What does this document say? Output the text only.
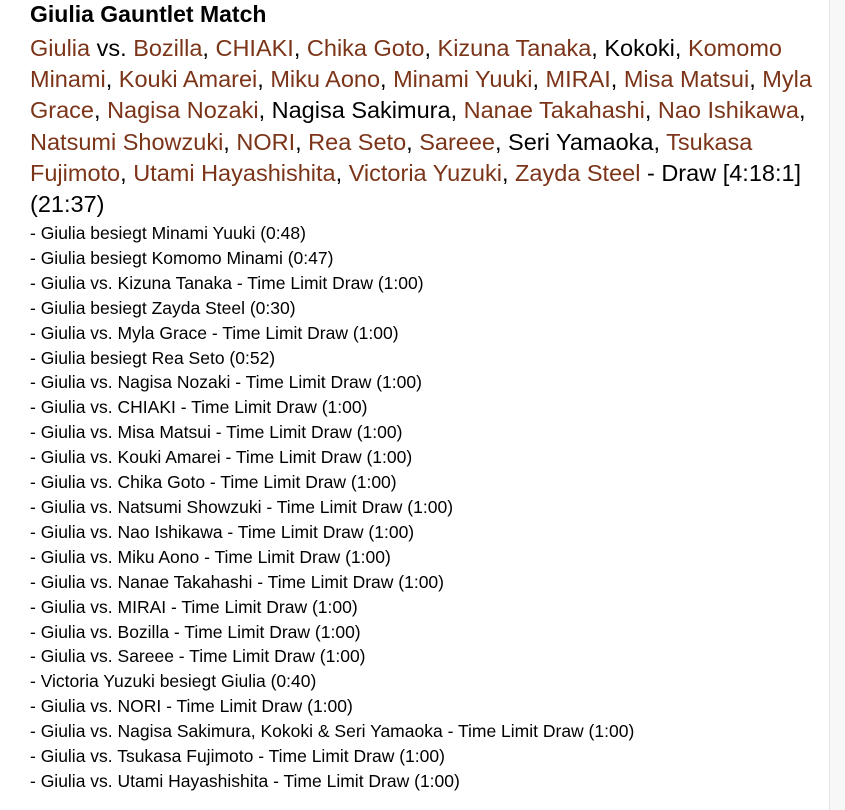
Giulia Gauntlet Match
Giulia vs. Bozilla, CHIAKI, Chika Goto, Kizuna Tanaka, Kokoki, Komomo Minami, Kouki Amarei, Miku Aono, Minami Yuuki, MIRAI, Misa Matsui, Myla Grace, Nagisa Nozaki, Nagisa Sakimura, Nanae Takahashi, Nao Ishikawa, Natsumi Showzuki, NORI, Rea Seto, Sareee, Seri Yamaoka, Tsukasa Fujimoto, Utami Hayashishita, Victoria Yuzuki, Zayda Steel - Draw [4:18:1] (21:37)
- Giulia besiegt Minami Yuuki (0:48)
- Giulia besiegt Komomo Minami (0:47)
- Giulia vs. Kizuna Tanaka - Time Limit Draw (1:00)
- Giulia besiegt Zayda Steel (0:30)
- Giulia vs. Myla Grace - Time Limit Draw (1:00)
- Giulia besiegt Rea Seto (0:52)
- Giulia vs. Nagisa Nozaki - Time Limit Draw (1:00)
- Giulia vs. CHIAKI - Time Limit Draw (1:00)
- Giulia vs. Misa Matsui - Time Limit Draw (1:00)
- Giulia vs. Kouki Amarei - Time Limit Draw (1:00)
- Giulia vs. Chika Goto - Time Limit Draw (1:00)
- Giulia vs. Natsumi Showzuki - Time Limit Draw (1:00)
- Giulia vs. Nao Ishikawa - Time Limit Draw (1:00)
- Giulia vs. Miku Aono - Time Limit Draw (1:00)
- Giulia vs. Nanae Takahashi - Time Limit Draw (1:00)
- Giulia vs. MIRAI - Time Limit Draw (1:00)
- Giulia vs. Bozilla - Time Limit Draw (1:00)
- Giulia vs. Sareee - Time Limit Draw (1:00)
- Victoria Yuzuki besiegt Giulia (0:40)
- Giulia vs. NORI - Time Limit Draw (1:00)
- Giulia vs. Nagisa Sakimura, Kokoki & Seri Yamaoka - Time Limit Draw (1:00)
- Giulia vs. Tsukasa Fujimoto - Time Limit Draw (1:00)
- Giulia vs. Utami Hayashishita - Time Limit Draw (1:00)
